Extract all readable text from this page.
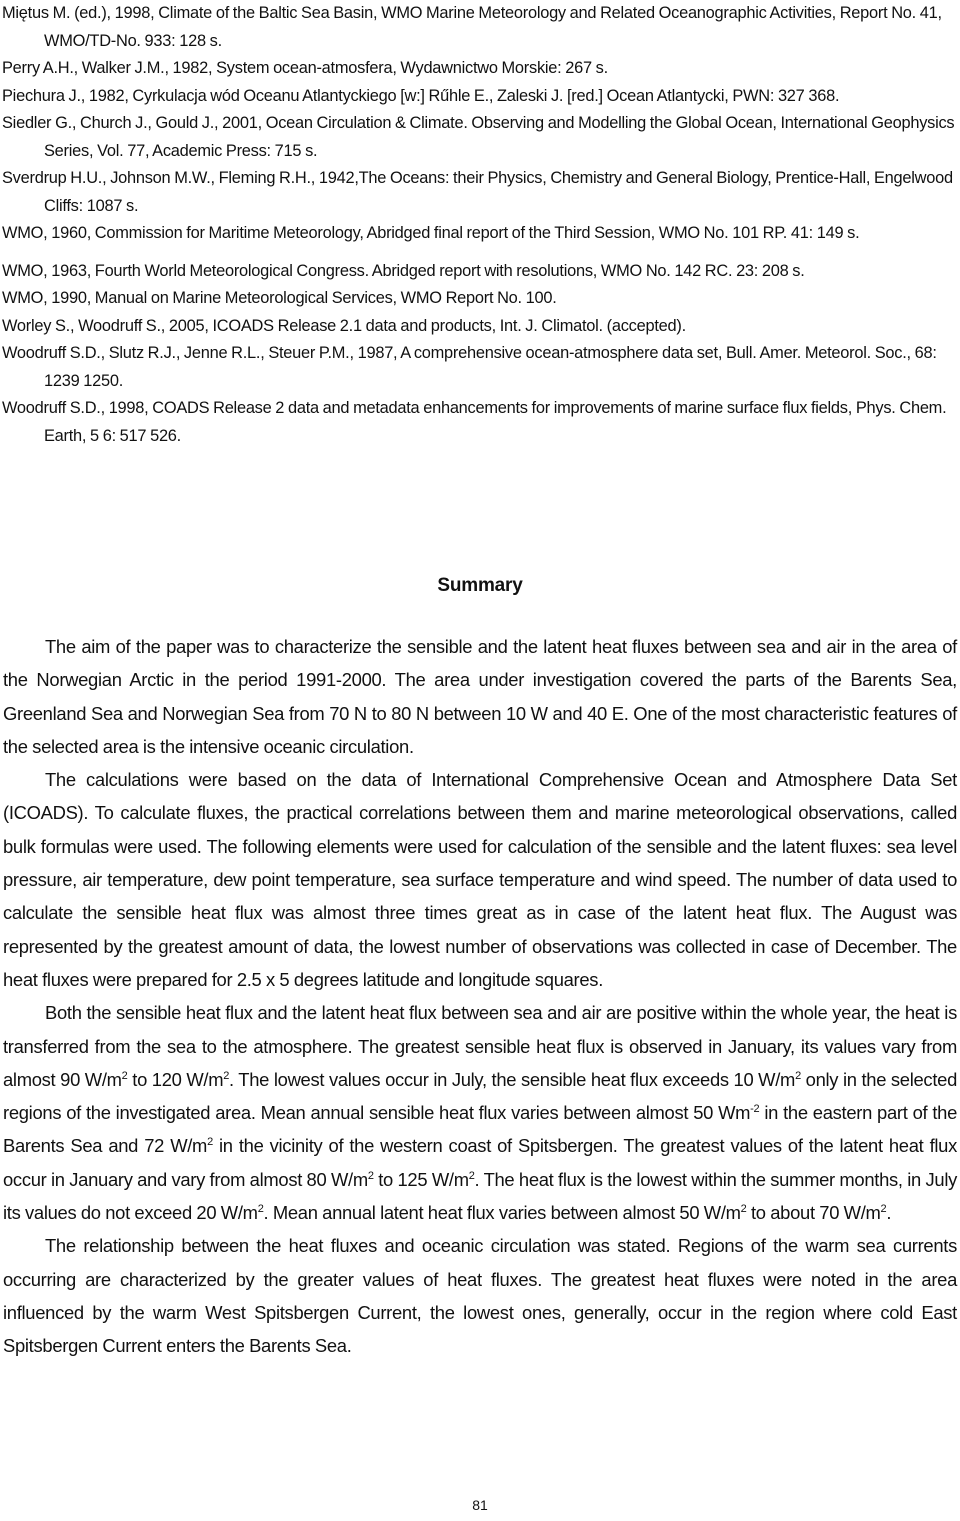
Miętus M. (ed.), 1998, Climate of the Baltic Sea Basin, WMO Marine Meteorology and Related Oceanographic Activities, Report No. 41, WMO/TD-No. 933: 128 s.
Perry A.H., Walker J.M., 1982, System ocean-atmosfera, Wydawnictwo Morskie: 267 s.
Piechura J., 1982, Cyrkulacja wód Oceanu Atlantyckiego [w:] Rűhle E., Zaleski J. [red.] Ocean Atlantycki, PWN: 327 368.
Siedler G., Church J., Gould J., 2001, Ocean Circulation & Climate. Observing and Modelling the Global Ocean, International Geophysics Series, Vol. 77, Academic Press: 715 s.
Sverdrup H.U., Johnson M.W., Fleming R.H., 1942,The Oceans: their Physics, Chemistry and General Biology, Prentice-Hall, Engelwood Cliffs: 1087 s.
WMO, 1960, Commission for Maritime Meteorology, Abridged final report of the Third Session, WMO No. 101 RP. 41: 149 s.
WMO, 1963, Fourth World Meteorological Congress. Abridged report with resolutions, WMO No. 142 RC. 23: 208 s.
WMO, 1990, Manual on Marine Meteorological Services, WMO Report No. 100.
Worley S., Woodruff S., 2005, ICOADS Release 2.1 data and products, Int. J. Climatol. (accepted).
Woodruff S.D., Slutz R.J., Jenne R.L., Steuer P.M., 1987, A comprehensive ocean-atmosphere data set, Bull. Amer. Meteorol. Soc., 68: 1239 1250.
Woodruff S.D., 1998, COADS Release 2 data and metadata enhancements for improvements of marine surface flux fields, Phys. Chem. Earth, 5 6: 517 526.
Summary

The aim of the paper was to characterize the sensible and the latent heat fluxes between sea and air in the area of the Norwegian Arctic in the period 1991-2000. The area under investigation covered the parts of the Barents Sea, Greenland Sea and Norwegian Sea from 70 N to 80 N between 10 W and 40 E. One of the most characteristic features of the selected area is the intensive oceanic circulation.

The calculations were based on the data of International Comprehensive Ocean and Atmosphere Data Set (ICOADS). To calculate fluxes, the practical correlations between them and marine meteorological observations, called bulk formulas were used. The following elements were used for calculation of the sensible and the latent fluxes: sea level pressure, air temperature, dew point temperature, sea surface temperature and wind speed. The number of data used to calculate the sensible heat flux was almost three times great as in case of the latent heat flux. The August was represented by the greatest amount of data, the lowest number of observations was collected in case of December. The heat fluxes were prepared for 2.5 x 5 degrees latitude and longitude squares.

Both the sensible heat flux and the latent heat flux between sea and air are positive within the whole year, the heat is transferred from the sea to the atmosphere. The greatest sensible heat flux is observed in January, its values vary from almost 90 $W/m^2$ to 120 $W/m^2$. The lowest values occur in July, the sensible heat flux exceeds 10 $W/m^2$ only in the selected regions of the investigated area. Mean annual sensible heat flux varies between almost 50 $Wm^{-2}$ in the eastern part of the Barents Sea and 72 $W/m^2$ in the vicinity of the western coast of Spitsbergen. The greatest values of the latent heat flux occur in January and vary from almost 80 $W/m^2$ to 125 $W/m^2$. The heat flux is the lowest within the summer months, in July its values do not exceed 20 $W/m^2$. Mean annual latent heat flux varies between almost 50 $W/m^2$ to about 70 $W/m^2$.

The relationship between the heat fluxes and oceanic circulation was stated. Regions of the warm sea currents occurring are characterized by the greater values of heat fluxes. The greatest heat fluxes were noted in the area influenced by the warm West Spitsbergen Current, the lowest ones, generally, occur in the region where cold East Spitsbergen Current enters the Barents Sea.

81
